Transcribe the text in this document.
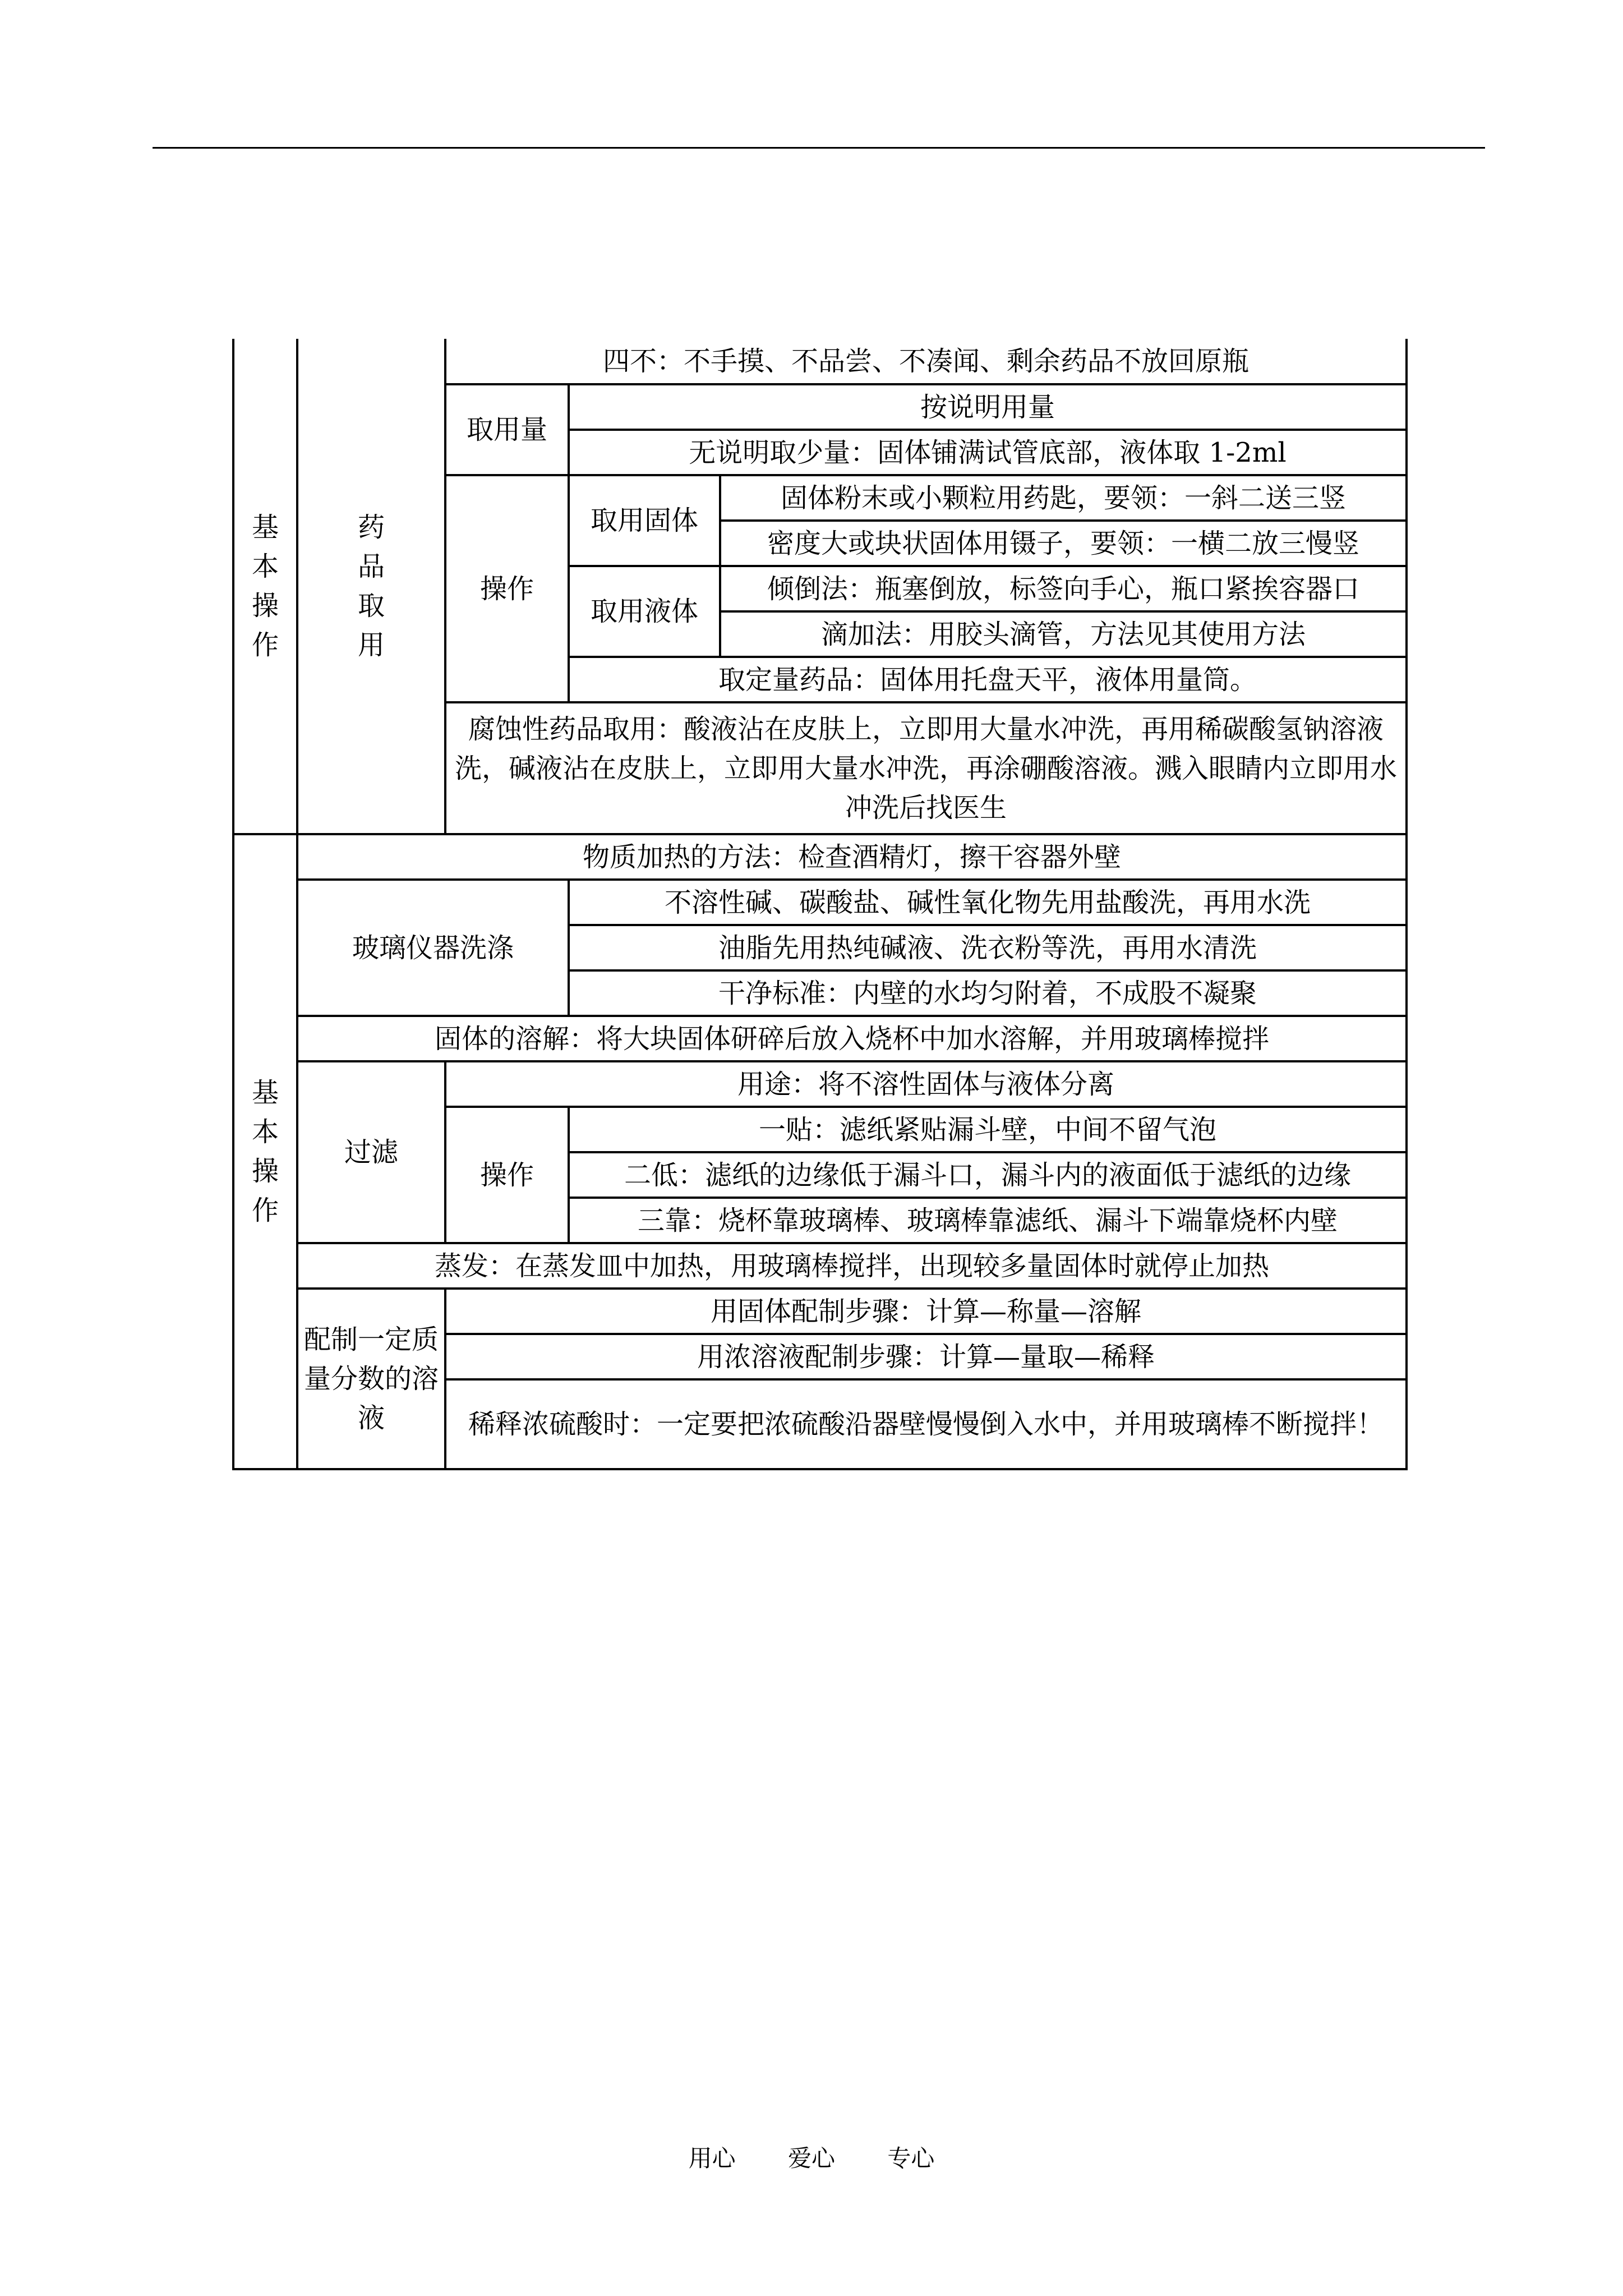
基
本
操
作	药
品
取
用	四不：不手摸、不品尝、不凑闻、剩余药品不放回原瓶		
		取用量	按说明用量	
			无说明取少量：固体铺满试管底部，液体取 1-2ml	
		操作	取用固体	固体粉末或小颗粒用药匙，要领：一斜二送三竖
				密度大或块状固体用镊子，要领：一横二放三慢竖
			取用液体	倾倒法：瓶塞倒放，标签向手心，瓶口紧挨容器口
				滴加法：用胶头滴管，方法见其使用方法
			取定量药品：固体用托盘天平，液体用量筒。	
		腐蚀性药品取用：酸液沾在皮肤上，立即用大量水冲洗，再用稀碳酸氢钠溶液洗，碱液沾在皮肤上，立即用大量水冲洗，再涂硼酸溶液。溅入眼睛内立即用水冲洗后找医生		

基
本
操
作	物质加热的方法：检查酒精灯，擦干容器外壁			
	玻璃仪器洗涤		不溶性碱、碳酸盐、碱性氧化物先用盐酸洗，再用水洗	
			油脂先用热纯碱液、洗衣粉等洗，再用水清洗	
			干净标准：内壁的水均匀附着，不成股不凝聚	
	固体的溶解：将大块固体研碎后放入烧杯中加水溶解，并用玻璃棒搅拌			
	过滤	用途：将不溶性固体与液体分离		
		操作	一贴：滤纸紧贴漏斗壁，中间不留气泡	
			二低：滤纸的边缘低于漏斗口，漏斗内的液面低于滤纸的边缘	
			三靠：烧杯靠玻璃棒、玻璃棒靠滤纸、漏斗下端靠烧杯内壁	
	蒸发：在蒸发皿中加热，用玻璃棒搅拌，出现较多量固体时就停止加热			
	配制一定质量分数的溶液	用固体配制步骤：计算—称量—溶解		
		用浓溶液配制步骤：计算—量取—稀释		
		稀释浓硫酸时：一定要把浓硫酸沿器壁慢慢倒入水中，并用玻璃棒不断搅拌！		
用心 爱心 专心
